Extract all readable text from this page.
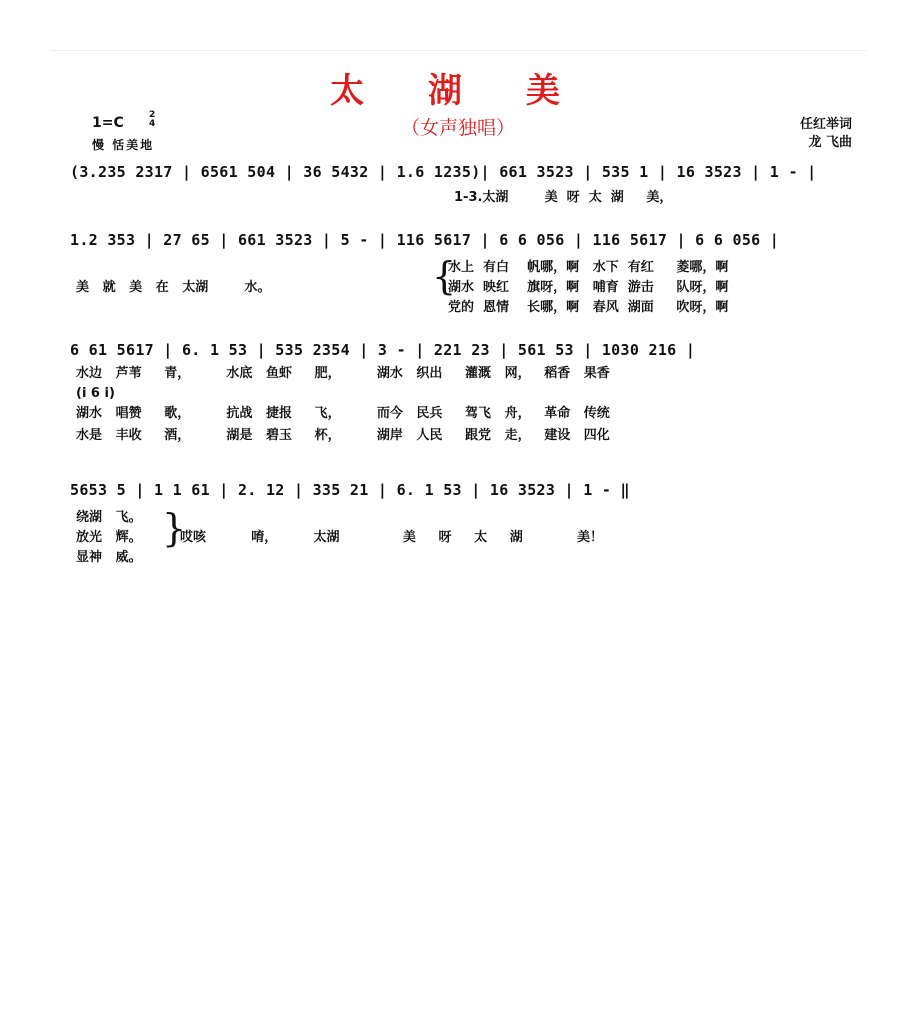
太 湖 美
（女声独唱）	任红举词
龙 飞曲
1=C	2
4
慢 恬美地
(3.235 2317 | 6561 504 | 36 5432 | 1.6 1235)| 661 3523 | 535 1 | 16 3523 | 1 - |
1-3.太湖        美  呀  太  湖     美，
1.2 353 | 27 65 | 661 3523 | 5 - | 116 5617 | 6 6 056 | 116 5617 | 6 6 056 |
美   就   美   在   太湖        水。	{
水上  有白    帆哪，啊   水下  有红     菱哪，啊
湖水  映红    旗呀，啊   哺育  游击     队呀，啊
党的  恩情    长哪，啊   春风  湖面     吹呀，啊
6 61 5617 | 6. 1 53 | 535 2354 | 3 - | 221 23 | 561 53 | 1030 216 |
水边   芦苇     青，        水底   鱼虾     肥，        湖水   织出     灌溉   网，   稻香   果香
(i 6 i)
湖水   唱赞     歌，        抗战   捷报     飞，        而今   民兵     驾飞   舟，   革命   传统
水是   丰收     酒，        湖是   碧玉     杯，        湖岸   人民     跟党   走，   建设   四化
5653 5 | 1 1 61 | 2. 12 | 335 21 | 6. 1 53 | 16 3523 | 1 - ‖
绕湖   飞。
放光   辉。
显神   威。
}
哎咳          唷，        太湖              美     呀     太     湖            美！
